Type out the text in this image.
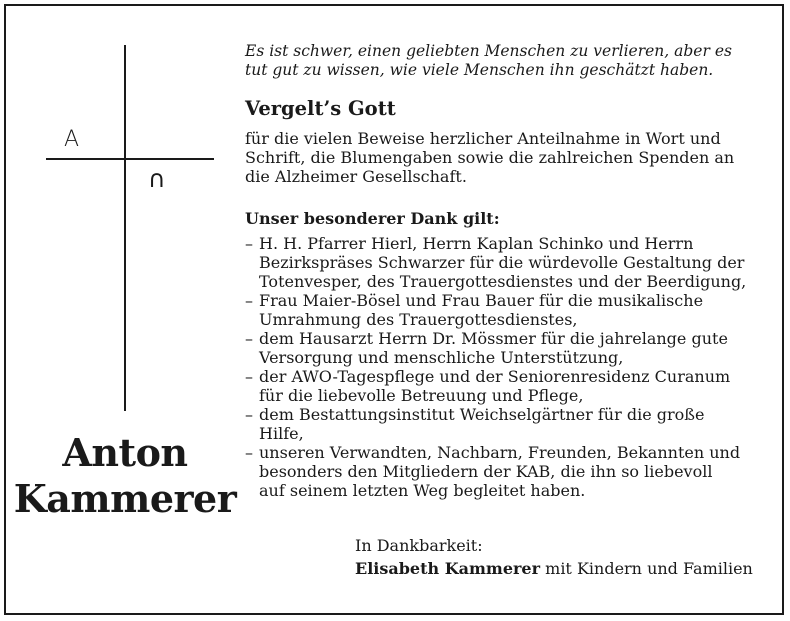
A
∩
Anton
Kammerer
Es ist schwer, einen geliebten Menschen zu verlieren, aber es
tut gut zu wissen, wie viele Menschen ihn geschätzt haben.
Vergelt’s Gott
für die vielen Beweise herzlicher Anteilnahme in Wort und
Schrift, die Blumengaben sowie die zahlreichen Spenden an
die Alzheimer Gesellschaft.
Unser besonderer Dank gilt:
– H. H. Pfarrer Hierl, Herrn Kaplan Schinko und Herrn
Bezirkspräses Schwarzer für die würdevolle Gestaltung der
Totenvesper, des Trauergottesdienstes und der Beerdigung,
– Frau Maier-Bösel und Frau Bauer für die musikalische
Umrahmung des Trauergottesdienstes,
– dem Hausarzt Herrn Dr. Mössmer für die jahrelange gute
Versorgung und menschliche Unterstützung,
– der AWO-Tagespflege und der Seniorenresidenz Curanum
für die liebevolle Betreuung und Pflege,
– dem Bestattungsinstitut Weichselgärtner für die große
Hilfe,
– unseren Verwandten, Nachbarn, Freunden, Bekannten und
besonders den Mitgliedern der KAB, die ihn so liebevoll
auf seinem letzten Weg begleitet haben.
In Dankbarkeit:
Elisabeth Kammerer mit Kindern und Familien
